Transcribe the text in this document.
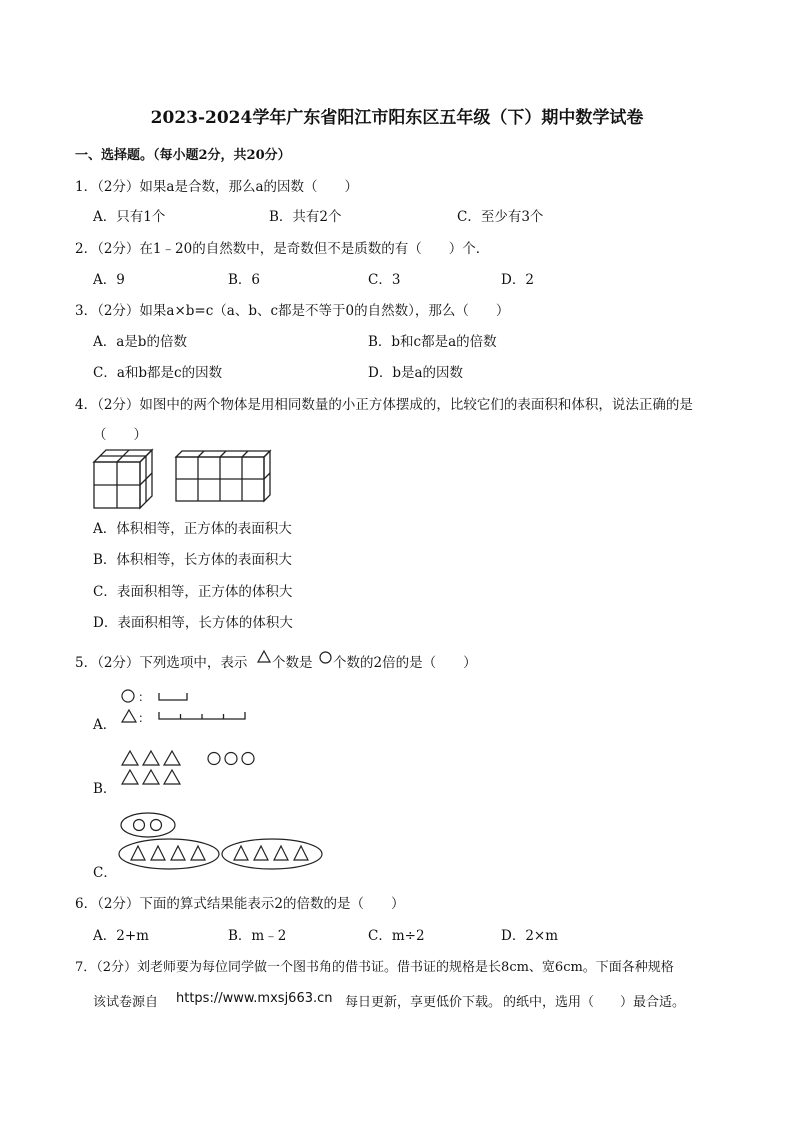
2023-2024学年广东省阳江市阳东区五年级（下）期中数学试卷
一、选择题。（每小题2分，共20分）
1．（2分）如果a是合数，那么a的因数（　　）
A．只有1个	B．共有2个	C．至少有3个
2．（2分）在1﹣20的自然数中，是奇数但不是质数的有（　　）个．
A．9	B．6	C．3	D．2
3．（2分）如果a×b=c（a、b、c都是不等于0的自然数），那么（　　）
A．a是b的倍数	B．b和c都是a的倍数
C．a和b都是c的因数	D．b是a的因数
4．（2分）如图中的两个物体是用相同数量的小正方体摆成的，比较它们的表面积和体积，说法正确的是
（　　）
A．体积相等，正方体的表面积大
B．体积相等，长方体的表面积大
C．表面积相等，正方体的体积大
D．表面积相等，长方体的体积大
5．（2分）下列选项中，表示 个数是 个数的2倍的是（　　）
：
：
A．
B．
C．
6．（2分）下面的算式结果能表示2的倍数的是（　　）
A．2+m	B．m﹣2	C．m÷2	D．2×m
7．（2分）刘老师要为每位同学做一个图书角的借书证。借书证的规格是长8cm、宽6cm。下面各种规格
该试卷源自 https://www.mxsj663.cn 每日更新，享更低价下载。 的纸中，选用（　　）最合适。
